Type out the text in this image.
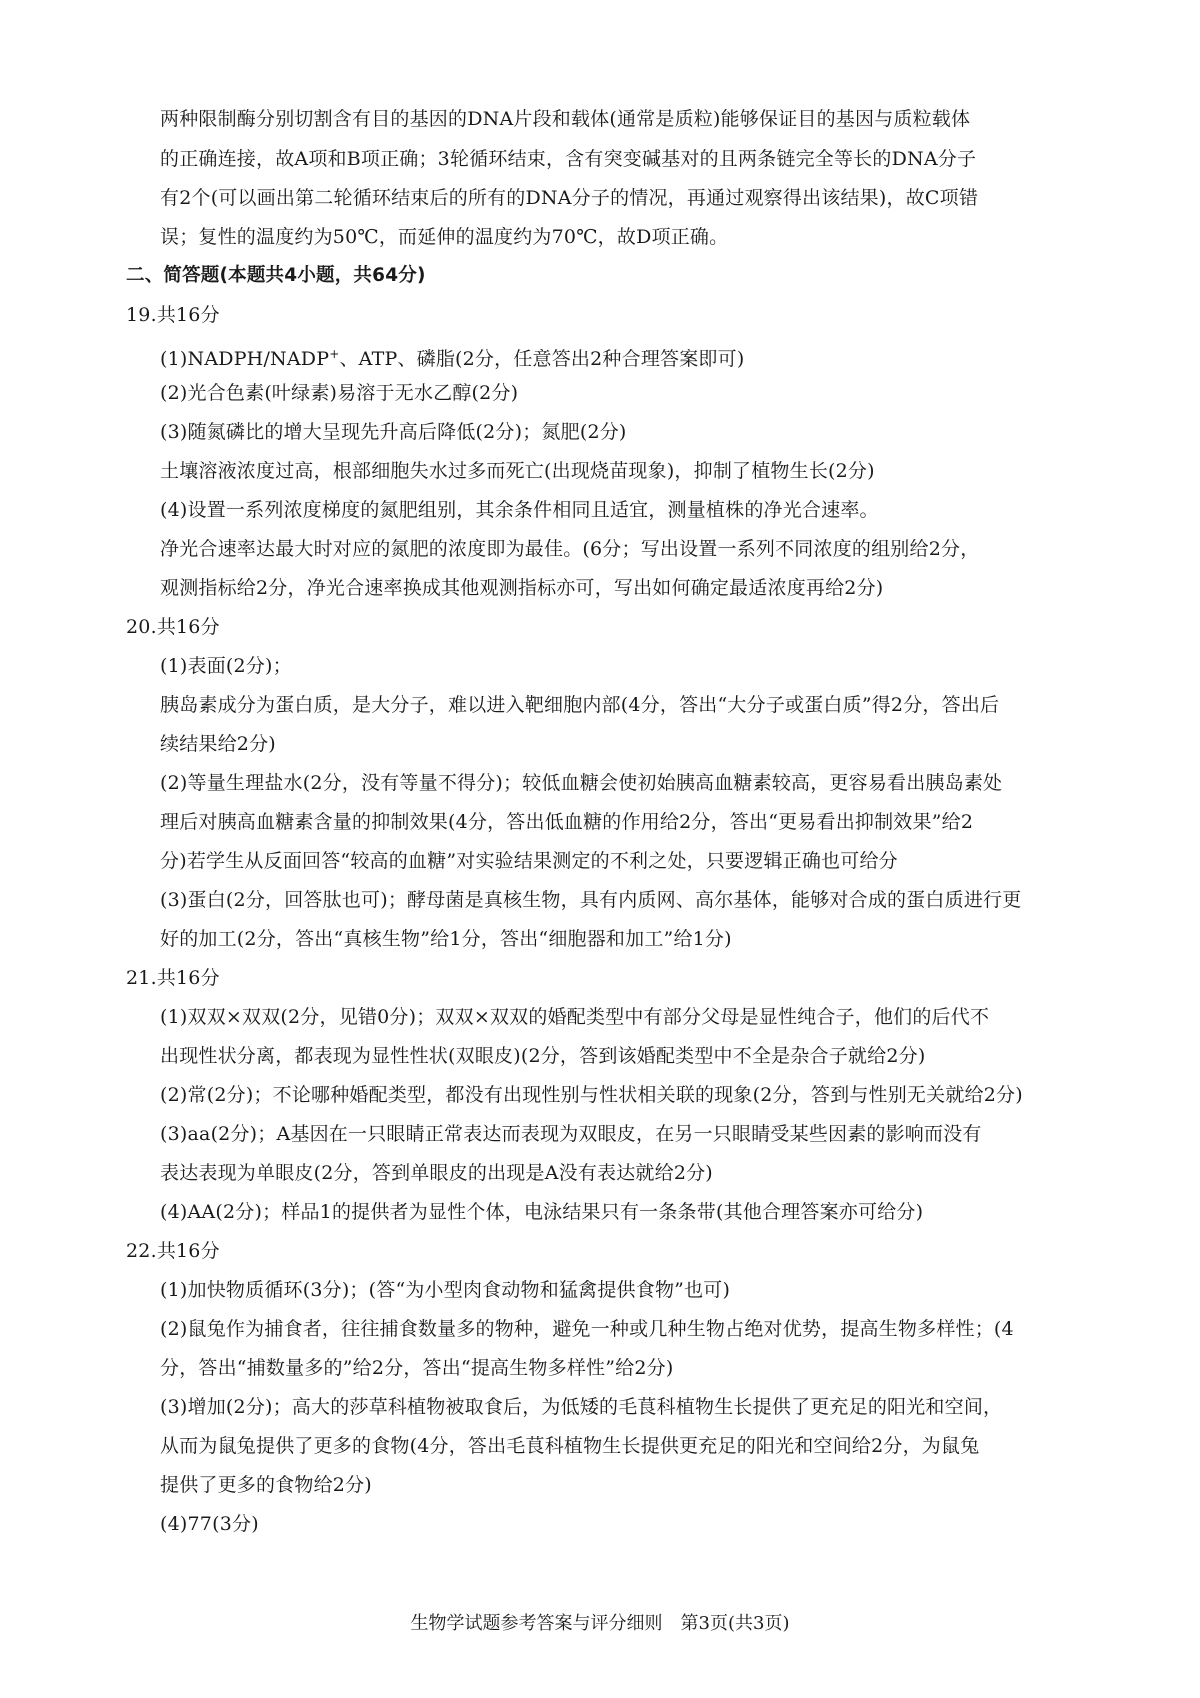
两种限制酶分别切割含有目的基因的DNA片段和载体(通常是质粒)能够保证目的基因与质粒载体
的正确连接，故A项和B项正确；3轮循环结束，含有突变碱基对的且两条链完全等长的DNA分子
有2个(可以画出第二轮循环结束后的所有的DNA分子的情况，再通过观察得出该结果)，故C项错
误；复性的温度约为50℃，而延伸的温度约为70℃，故D项正确。
二、简答题(本题共4小题，共64分)
19.共16分
(1)NADPH/NADP+、ATP、磷脂(2分，任意答出2种合理答案即可)
(2)光合色素(叶绿素)易溶于无水乙醇(2分)
(3)随氮磷比的增大呈现先升高后降低(2分)；氮肥(2分)
土壤溶液浓度过高，根部细胞失水过多而死亡(出现烧苗现象)，抑制了植物生长(2分)
(4)设置一系列浓度梯度的氮肥组别，其余条件相同且适宜，测量植株的净光合速率。
净光合速率达最大时对应的氮肥的浓度即为最佳。(6分；写出设置一系列不同浓度的组别给2分，
观测指标给2分，净光合速率换成其他观测指标亦可，写出如何确定最适浓度再给2分)
20.共16分
(1)表面(2分)；
胰岛素成分为蛋白质，是大分子，难以进入靶细胞内部(4分，答出“大分子或蛋白质”得2分，答出后
续结果给2分)
(2)等量生理盐水(2分，没有等量不得分)；较低血糖会使初始胰高血糖素较高，更容易看出胰岛素处
理后对胰高血糖素含量的抑制效果(4分，答出低血糖的作用给2分，答出“更易看出抑制效果”给2
分)若学生从反面回答“较高的血糖”对实验结果测定的不利之处，只要逻辑正确也可给分
(3)蛋白(2分，回答肽也可)；酵母菌是真核生物，具有内质网、高尔基体，能够对合成的蛋白质进行更
好的加工(2分，答出“真核生物”给1分，答出“细胞器和加工”给1分)
21.共16分
(1)双双×双双(2分，见错0分)；双双×双双的婚配类型中有部分父母是显性纯合子，他们的后代不
出现性状分离，都表现为显性性状(双眼皮)(2分，答到该婚配类型中不全是杂合子就给2分)
(2)常(2分)；不论哪种婚配类型，都没有出现性别与性状相关联的现象(2分，答到与性别无关就给2分)
(3)aa(2分)；A基因在一只眼睛正常表达而表现为双眼皮，在另一只眼睛受某些因素的影响而没有
表达表现为单眼皮(2分，答到单眼皮的出现是A没有表达就给2分)
(4)AA(2分)；样品1的提供者为显性个体，电泳结果只有一条条带(其他合理答案亦可给分)
22.共16分
(1)加快物质循环(3分)；(答“为小型肉食动物和猛禽提供食物”也可)
(2)鼠兔作为捕食者，往往捕食数量多的物种，避免一种或几种生物占绝对优势，提高生物多样性；(4
分，答出“捕数量多的”给2分，答出“提高生物多样性”给2分)
(3)增加(2分)；高大的莎草科植物被取食后，为低矮的毛茛科植物生长提供了更充足的阳光和空间，
从而为鼠兔提供了更多的食物(4分，答出毛茛科植物生长提供更充足的阳光和空间给2分，为鼠兔
提供了更多的食物给2分)
(4)77(3分)
生物学试题参考答案与评分细则　第3页(共3页)
